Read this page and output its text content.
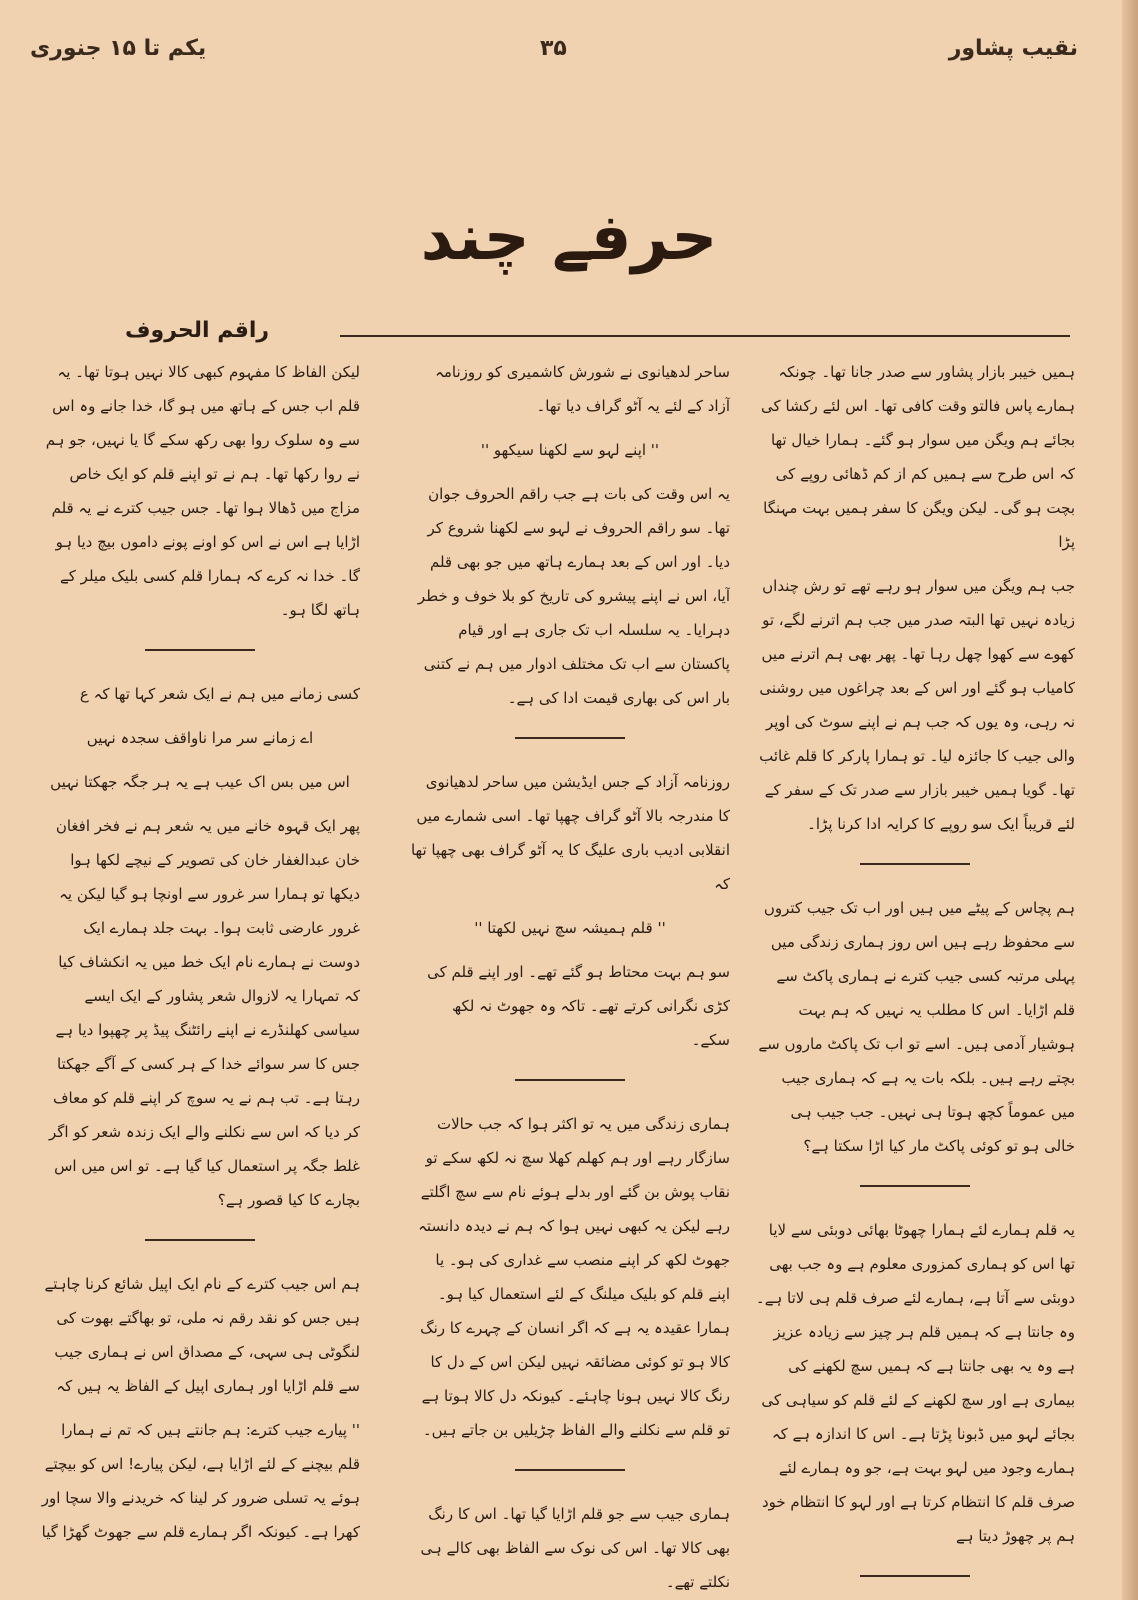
یکم تا ۱۵ جنوری	۳۵	نقیب پشاور
حرفے چند
راقم الحروف

ہمیں خیبر بازار پشاور سے صدر جانا تھا۔ چونکہ ہمارے پاس فالتو وقت کافی تھا۔ اس لئے رکشا کی بجائے ہم ویگن میں سوار ہو گئے۔ ہمارا خیال تھا کہ اس طرح سے ہمیں کم از کم ڈھائی روپے کی بچت ہو گی۔ لیکن ویگن کا سفر ہمیں بہت مہنگا پڑا

جب ہم ویگن میں سوار ہو رہے تھے تو رش چنداں زیادہ نہیں تھا البتہ صدر میں جب ہم اترنے لگے، تو کھوے سے کھوا چھل رہا تھا۔ پھر بھی ہم اترنے میں کامیاب ہو گئے اور اس کے بعد چراغوں میں روشنی نہ رہی، وہ یوں کہ جب ہم نے اپنے سوٹ کی اوپر والی جیب کا جائزہ لیا۔ تو ہمارا پارکر کا قلم غائب تھا۔ گویا ہمیں خیبر بازار سے صدر تک کے سفر کے لئے قریباً ایک سو روپے کا کرایہ ادا کرنا پڑا۔

ہم پچاس کے پیٹے میں ہیں اور اب تک جیب کتروں سے محفوظ رہے ہیں اس روز ہماری زندگی میں پہلی مرتبہ کسی جیب کترے نے ہماری پاکٹ سے قلم اڑایا۔ اس کا مطلب یہ نہیں کہ ہم بہت ہوشیار آدمی ہیں۔ اسے تو اب تک پاکٹ ماروں سے بچتے رہے ہیں۔ بلکہ بات یہ ہے کہ ہماری جیب میں عموماً کچھ ہوتا ہی نہیں۔ جب جیب ہی خالی ہو تو کوئی پاکٹ مار کیا اڑا سکتا ہے؟

یہ قلم ہمارے لئے ہمارا چھوٹا بھائی دوبئی سے لایا تھا اس کو ہماری کمزوری معلوم ہے وہ جب بھی دوبئی سے آتا ہے، ہمارے لئے صرف قلم ہی لاتا ہے۔ وہ جانتا ہے کہ ہمیں قلم ہر چیز سے زیادہ عزیز ہے وہ یہ بھی جانتا ہے کہ ہمیں سچ لکھنے کی بیماری ہے اور سچ لکھنے کے لئے قلم کو سیاہی کی بجائے لہو میں ڈبونا پڑتا ہے۔ اس کا اندازہ ہے کہ ہمارے وجود میں لہو بہت ہے، جو وہ ہمارے لئے صرف قلم کا انتظام کرتا ہے اور لہو کا انتظام خود ہم پر چھوڑ دیتا ہے

ساحر لدھیانوی نے شورش کاشمیری کو روزنامہ آزاد کے لئے یہ آٹو گراف دیا تھا۔

'' اپنے لہو سے لکھنا سیکھو ''

یہ اس وقت کی بات ہے جب راقم الحروف جوان تھا۔ سو راقم الحروف نے لہو سے لکھنا شروع کر دیا۔ اور اس کے بعد ہمارے ہاتھ میں جو بھی قلم آیا، اس نے اپنے پیشرو کی تاریخ کو بلا خوف و خطر دہرایا۔ یہ سلسلہ اب تک جاری ہے اور قیام پاکستان سے اب تک مختلف ادوار میں ہم نے کتنی بار اس کی بھاری قیمت ادا کی ہے۔

روزنامہ آزاد کے جس ایڈیشن میں ساحر لدھیانوی کا مندرجہ بالا آٹو گراف چھپا تھا۔ اسی شمارے میں انقلابی ادیب باری علیگ کا یہ آٹو گراف بھی چھپا تھا کہ

'' قلم ہمیشہ سچ نہیں لکھتا ''

سو ہم بہت محتاط ہو گئے تھے۔ اور اپنے قلم کی کڑی نگرانی کرتے تھے۔ تاکہ وہ جھوٹ نہ لکھ سکے۔

ہماری زندگی میں یہ تو اکثر ہوا کہ جب حالات سازگار رہے اور ہم کھلم کھلا سچ نہ لکھ سکے تو نقاب پوش بن گئے اور بدلے ہوئے نام سے سچ اگلتے رہے لیکن یہ کبھی نہیں ہوا کہ ہم نے دیدہ دانستہ جھوٹ لکھ کر اپنے منصب سے غداری کی ہو۔ یا اپنے قلم کو بلیک میلنگ کے لئے استعمال کیا ہو۔ ہمارا عقیدہ یہ ہے کہ اگر انسان کے چہرے کا رنگ کالا ہو تو کوئی مضائقہ نہیں لیکن اس کے دل کا رنگ کالا نہیں ہونا چاہئے۔ کیونکہ دل کالا ہوتا ہے تو قلم سے نکلنے والے الفاظ چڑیلیں بن جاتے ہیں۔

ہماری جیب سے جو قلم اڑایا گیا تھا۔ اس کا رنگ بھی کالا تھا۔ اس کی نوک سے الفاظ بھی کالے ہی نکلتے تھے۔

لیکن الفاظ کا مفہوم کبھی کالا نہیں ہوتا تھا۔ یہ قلم اب جس کے ہاتھ میں ہو گا، خدا جانے وہ اس سے وہ سلوک روا بھی رکھ سکے گا یا نہیں، جو ہم نے روا رکھا تھا۔ ہم نے تو اپنے قلم کو ایک خاص مزاج میں ڈھالا ہوا تھا۔ جس جیب کترے نے یہ قلم اڑایا ہے اس نے اس کو اونے پونے داموں بیچ دیا ہو گا۔ خدا نہ کرے کہ ہمارا قلم کسی بلیک میلر کے ہاتھ لگا ہو۔

کسی زمانے میں ہم نے ایک شعر کہا تھا کہ ع

اے زمانے سر مرا ناواقف سجدہ نہیں

اس میں بس اک عیب ہے یہ ہر جگہ جھکتا نہیں

پھر ایک قہوہ خانے میں یہ شعر ہم نے فخر افغان خان عبدالغفار خان کی تصویر کے نیچے لکھا ہوا دیکھا تو ہمارا سر غرور سے اونچا ہو گیا لیکن یہ غرور عارضی ثابت ہوا۔ بہت جلد ہمارے ایک دوست نے ہمارے نام ایک خط میں یہ انکشاف کیا کہ تمہارا یہ لازوال شعر پشاور کے ایک ایسے سیاسی کھلنڈرے نے اپنے رائٹنگ پیڈ پر چھپوا دیا ہے جس کا سر سوائے خدا کے ہر کسی کے آگے جھکتا رہتا ہے۔ تب ہم نے یہ سوچ کر اپنے قلم کو معاف کر دیا کہ اس سے نکلنے والے ایک زندہ شعر کو اگر غلط جگہ پر استعمال کیا گیا ہے۔ تو اس میں اس بچارے کا کیا قصور ہے؟

ہم اس جیب کترے کے نام ایک اپیل شائع کرنا چاہتے ہیں جس کو نقد رقم نہ ملی، تو بھاگتے بھوت کی لنگوٹی ہی سہی، کے مصداق اس نے ہماری جیب سے قلم اڑایا اور ہماری اپیل کے الفاظ یہ ہیں کہ

'' پیارے جیب کترے: ہم جانتے ہیں کہ تم نے ہمارا قلم بیچنے کے لئے اڑایا ہے، لیکن پیارے! اس کو بیچتے ہوئے یہ تسلی ضرور کر لینا کہ خریدنے والا سچا اور کھرا ہے۔ کیونکہ اگر ہمارے قلم سے جھوٹ گھڑا گیا
